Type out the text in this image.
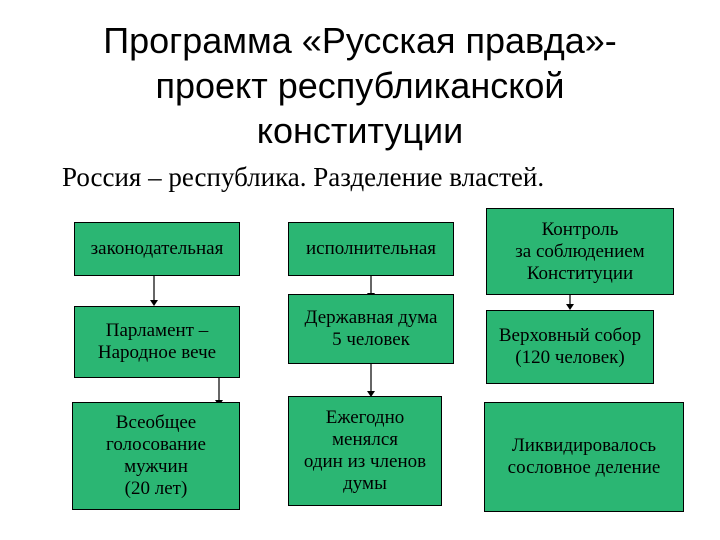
Программа «Русская правда»-
проект республиканской
конституции
Россия – республика. Разделение властей.
законодательная	исполнительная
Контроль
за соблюдением
Конституции
Парламент –
Народное вече
Державная дума
5 человек	Верховный собор
(120 человек)
Всеобщее
голосование
мужчин
(20 лет)
Ежегодно
менялся
один из членов
думы
Ликвидировалось
сословное деление
